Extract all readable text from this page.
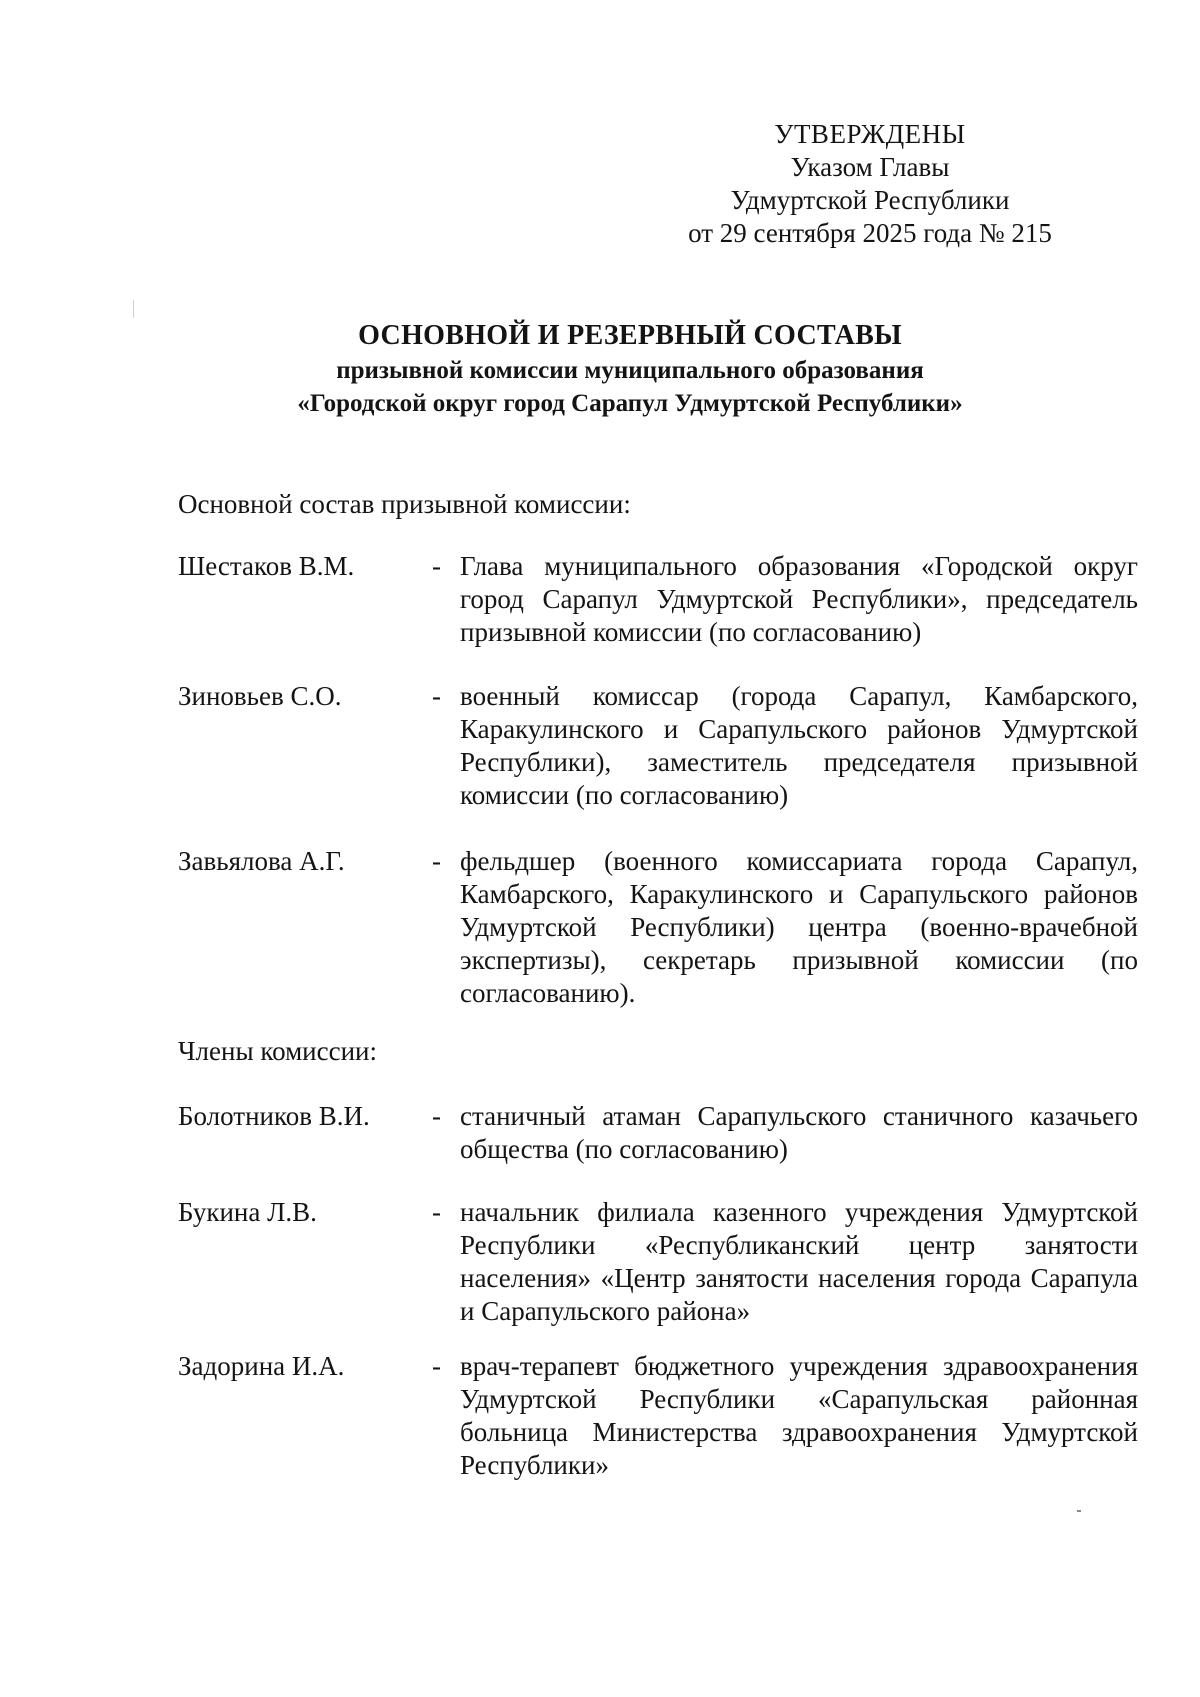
УТВЕРЖДЕНЫ
Указом Главы
Удмуртской Республики
от 29 сентября 2025 года № 215
ОСНОВНОЙ И РЕЗЕРВНЫЙ СОСТАВЫ
призывной комиссии муниципального образования
«Городской округ город Сарапул Удмуртской Республики»
Основной состав призывной комиссии:
Шестаков В.М.	- Глава муниципального образования «Городской округ город Сарапул Удмуртской Республики», председатель призывной комиссии (по согласованию)
Зиновьев С.О.	- военный комиссар (города Сарапул, Камбарского, Каракулинского и Сарапульского районов Удмуртской Республики), заместитель председателя призывной комиссии (по согласованию)
Завьялова А.Г.	- фельдшер (военного комиссариата города Сарапул, Камбарского, Каракулинского и Сарапульского районов Удмуртской Республики) центра (военно-врачебной экспертизы), секретарь призывной комиссии (по согласованию).
Члены комиссии:
Болотников В.И. - станичный атаман Сарапульского станичного казачьего общества (по согласованию)
Букина Л.В.	- начальник филиала казенного учреждения Удмуртской Республики «Республиканский центр занятости населения» «Центр занятости населения города Сарапула и Сарапульского района»
Задорина И.А.	- врач-терапевт бюджетного учреждения здравоохранения Удмуртской Республики «Сарапульская районная больница Министерства здравоохранения Удмуртской Республики»
